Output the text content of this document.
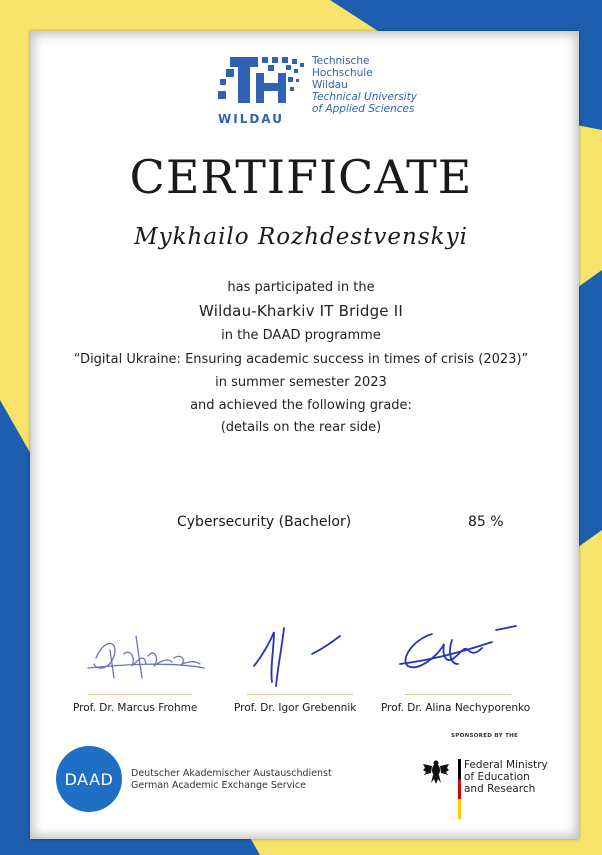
WILDAU
Technische
Hochschule
Wildau
Technical University
of Applied Sciences
CERTIFICATE
Mykhailo Rozhdestvenskyi
has participated in the
Wildau-Kharkiv IT Bridge II
in the DAAD programme
“Digital Ukraine: Ensuring academic success in times of crisis (2023)”
in summer semester 2023
and achieved the following grade:
(details on the rear side)
Cybersecurity (Bachelor)	85 %
Prof. Dr. Marcus Frohme	Prof. Dr. Igor Grebennik Prof. Dr. Alina Nechyporenko
DAAD Deutscher Akademischer Austauschdienst
German Academic Exchange Service
SPONSORED BY THE
Federal Ministry
of Education
and Research
